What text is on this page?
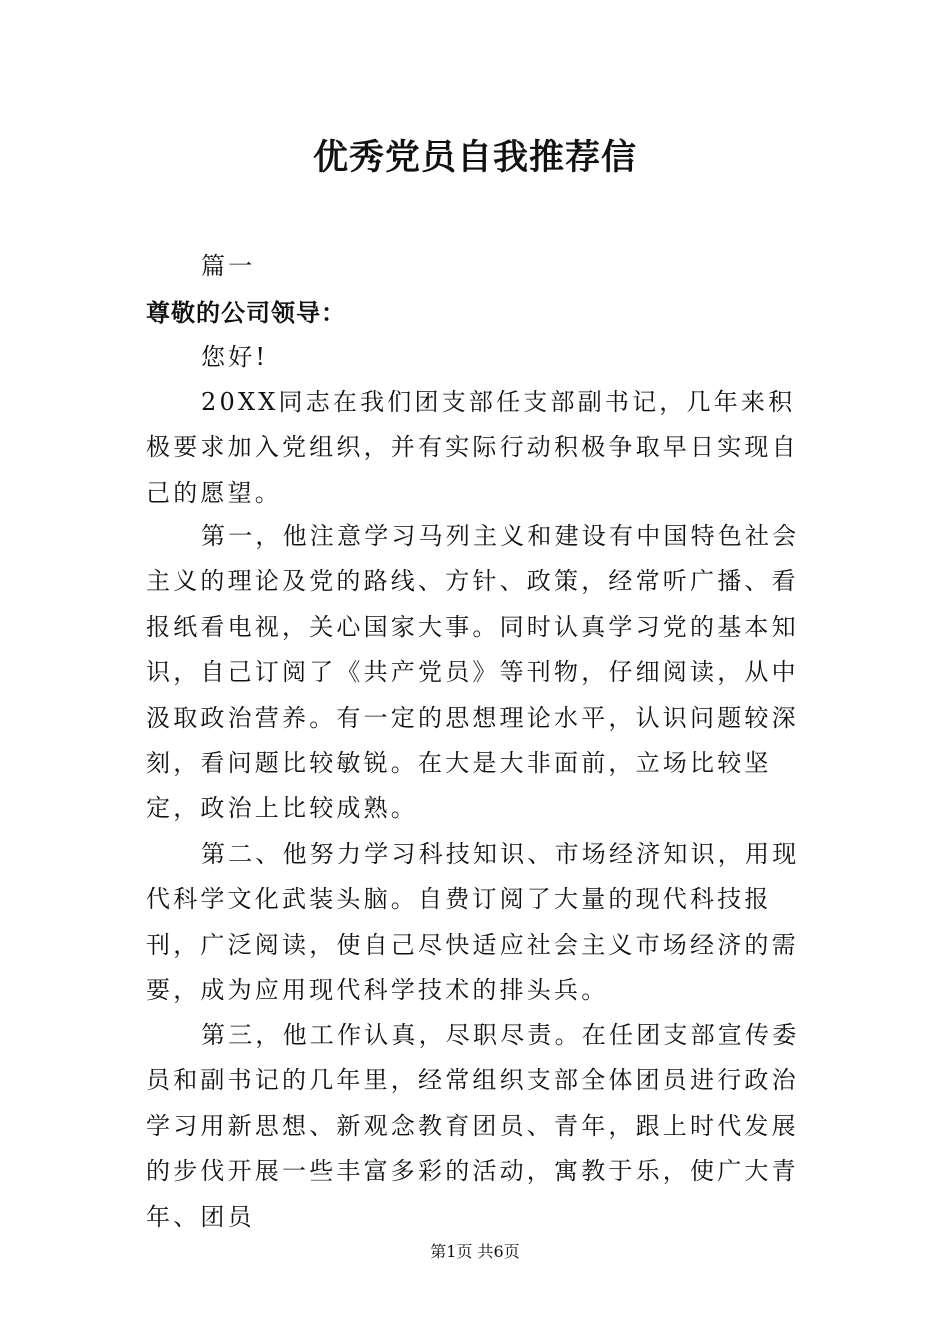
优秀党员自我推荐信

篇一

尊敬的公司领导：

您好!

20XX同志在我们团支部任支部副书记，几年来积极要求加入党组织，并有实际行动积极争取早日实现自己的愿望。

第一，他注意学习马列主义和建设有中国特色社会主义的理论及党的路线、方针、政策，经常听广播、看报纸看电视，关心国家大事。同时认真学习党的基本知识，自己订阅了《共产党员》等刊物，仔细阅读，从中汲取政治营养。有一定的思想理论水平，认识问题较深刻，看问题比较敏锐。在大是大非面前，立场比较坚定，政治上比较成熟。

第二、他努力学习科技知识、市场经济知识，用现代科学文化武装头脑。自费订阅了大量的现代科技报刊，广泛阅读，使自己尽快适应社会主义市场经济的需要，成为应用现代科学技术的排头兵。

第三，他工作认真，尽职尽责。在任团支部宣传委员和副书记的几年里，经常组织支部全体团员进行政治学习用新思想、新观念教育团员、青年，跟上时代发展的步伐开展一些丰富多彩的活动，寓教于乐，使广大青年、团员

第1页 共6页
